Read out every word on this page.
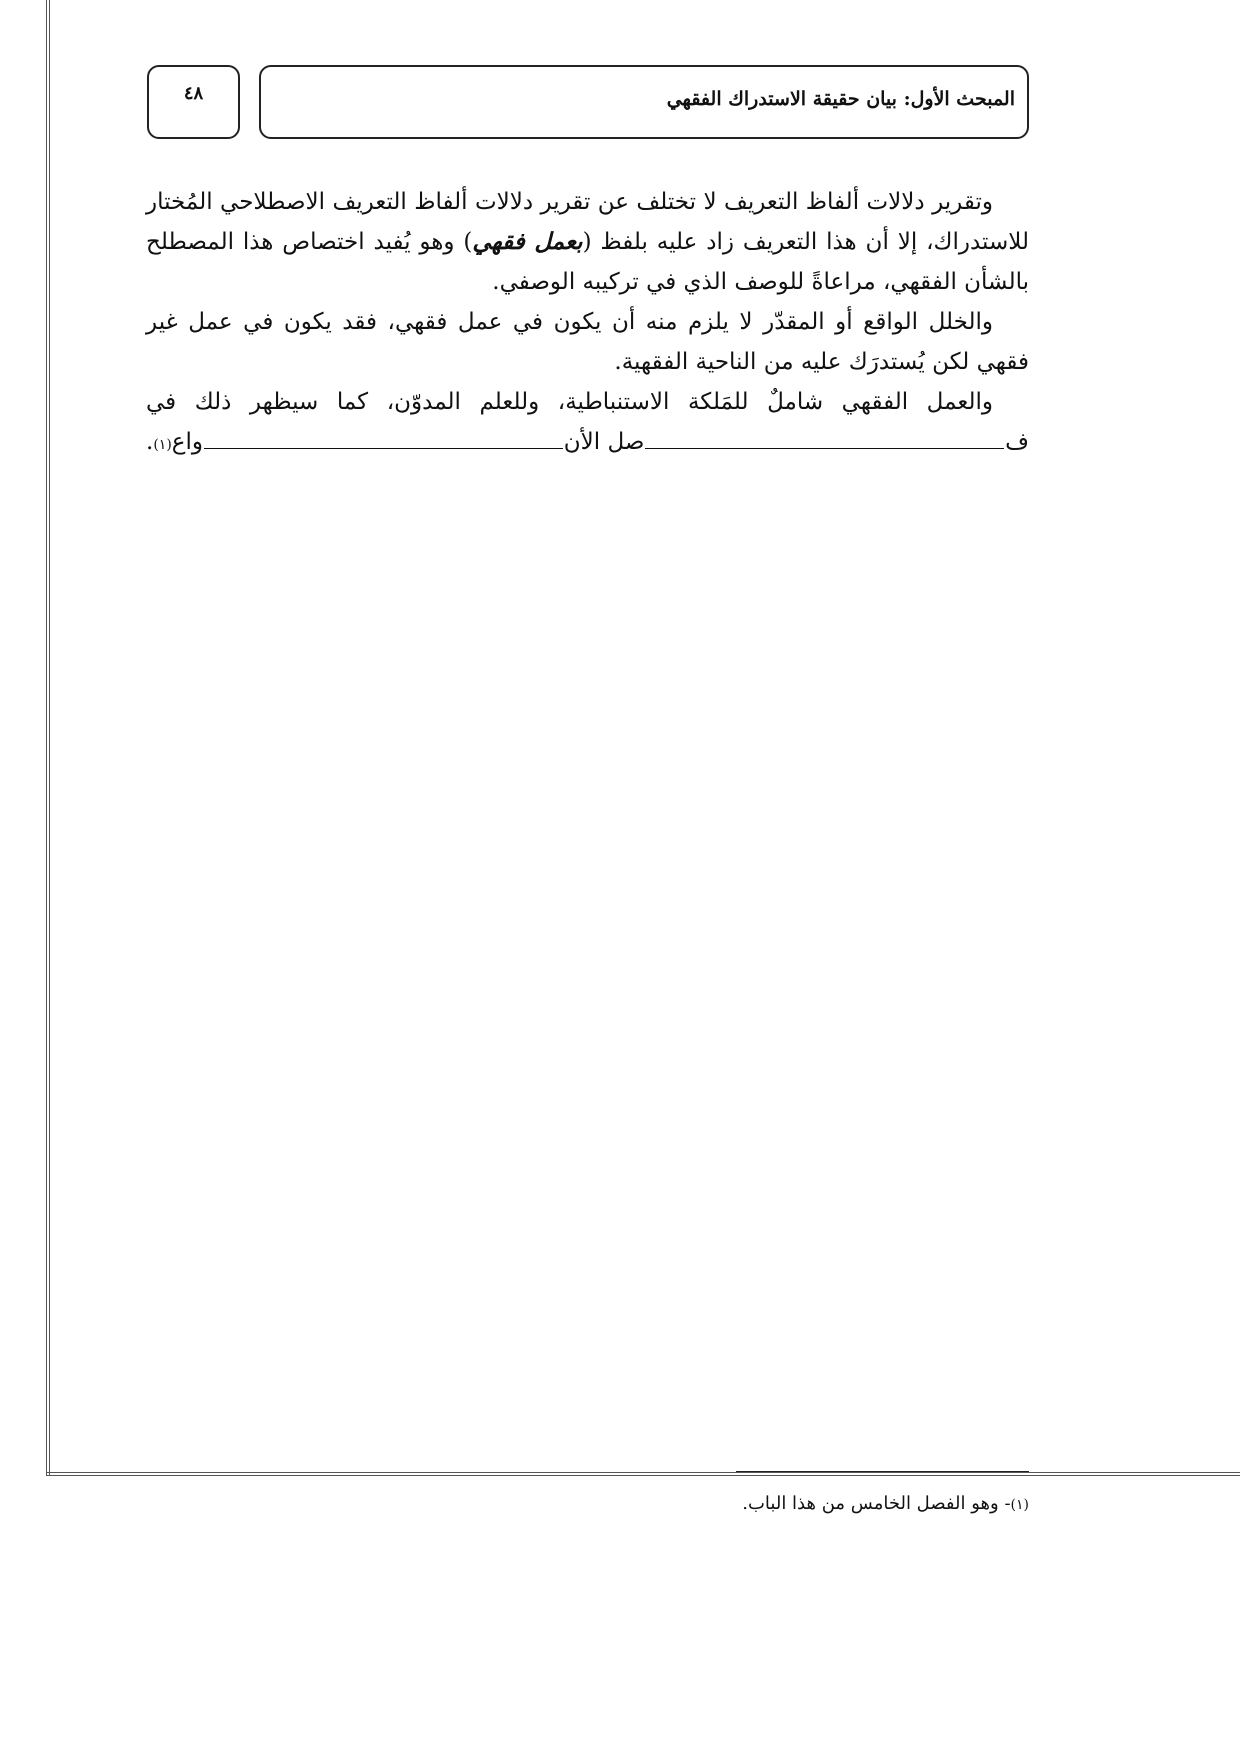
٤٨	المبحث الأول: بيان حقيقة الاستدراك الفقهي

وتقرير دلالات ألفاظ التعريف لا تختلف عن تقرير دلالات ألفاظ التعريف الاصطلاحي المُختار للاستدراك، إلا أن هذا التعريف زاد عليه بلفظ (بعمل فقهي) وهو يُفيد اختصاص هذا المصطلح بالشأن الفقهي، مراعاةً للوصف الذي في تركيبه الوصفي.

والخلل الواقع أو المقدّر لا يلزم منه أن يكون في عمل فقهي، فقد يكون في عمل غير فقهي لكن يُستدرَك عليه من الناحية الفقهية.

والعمل الفقهي شاملٌ للمَلكة الاستنباطية، وللعلم المدوّن، كما سيظهر ذلك في

ف
صل الأن
واع
(١)
.
(١)- وهو الفصل الخامس من هذا الباب.
